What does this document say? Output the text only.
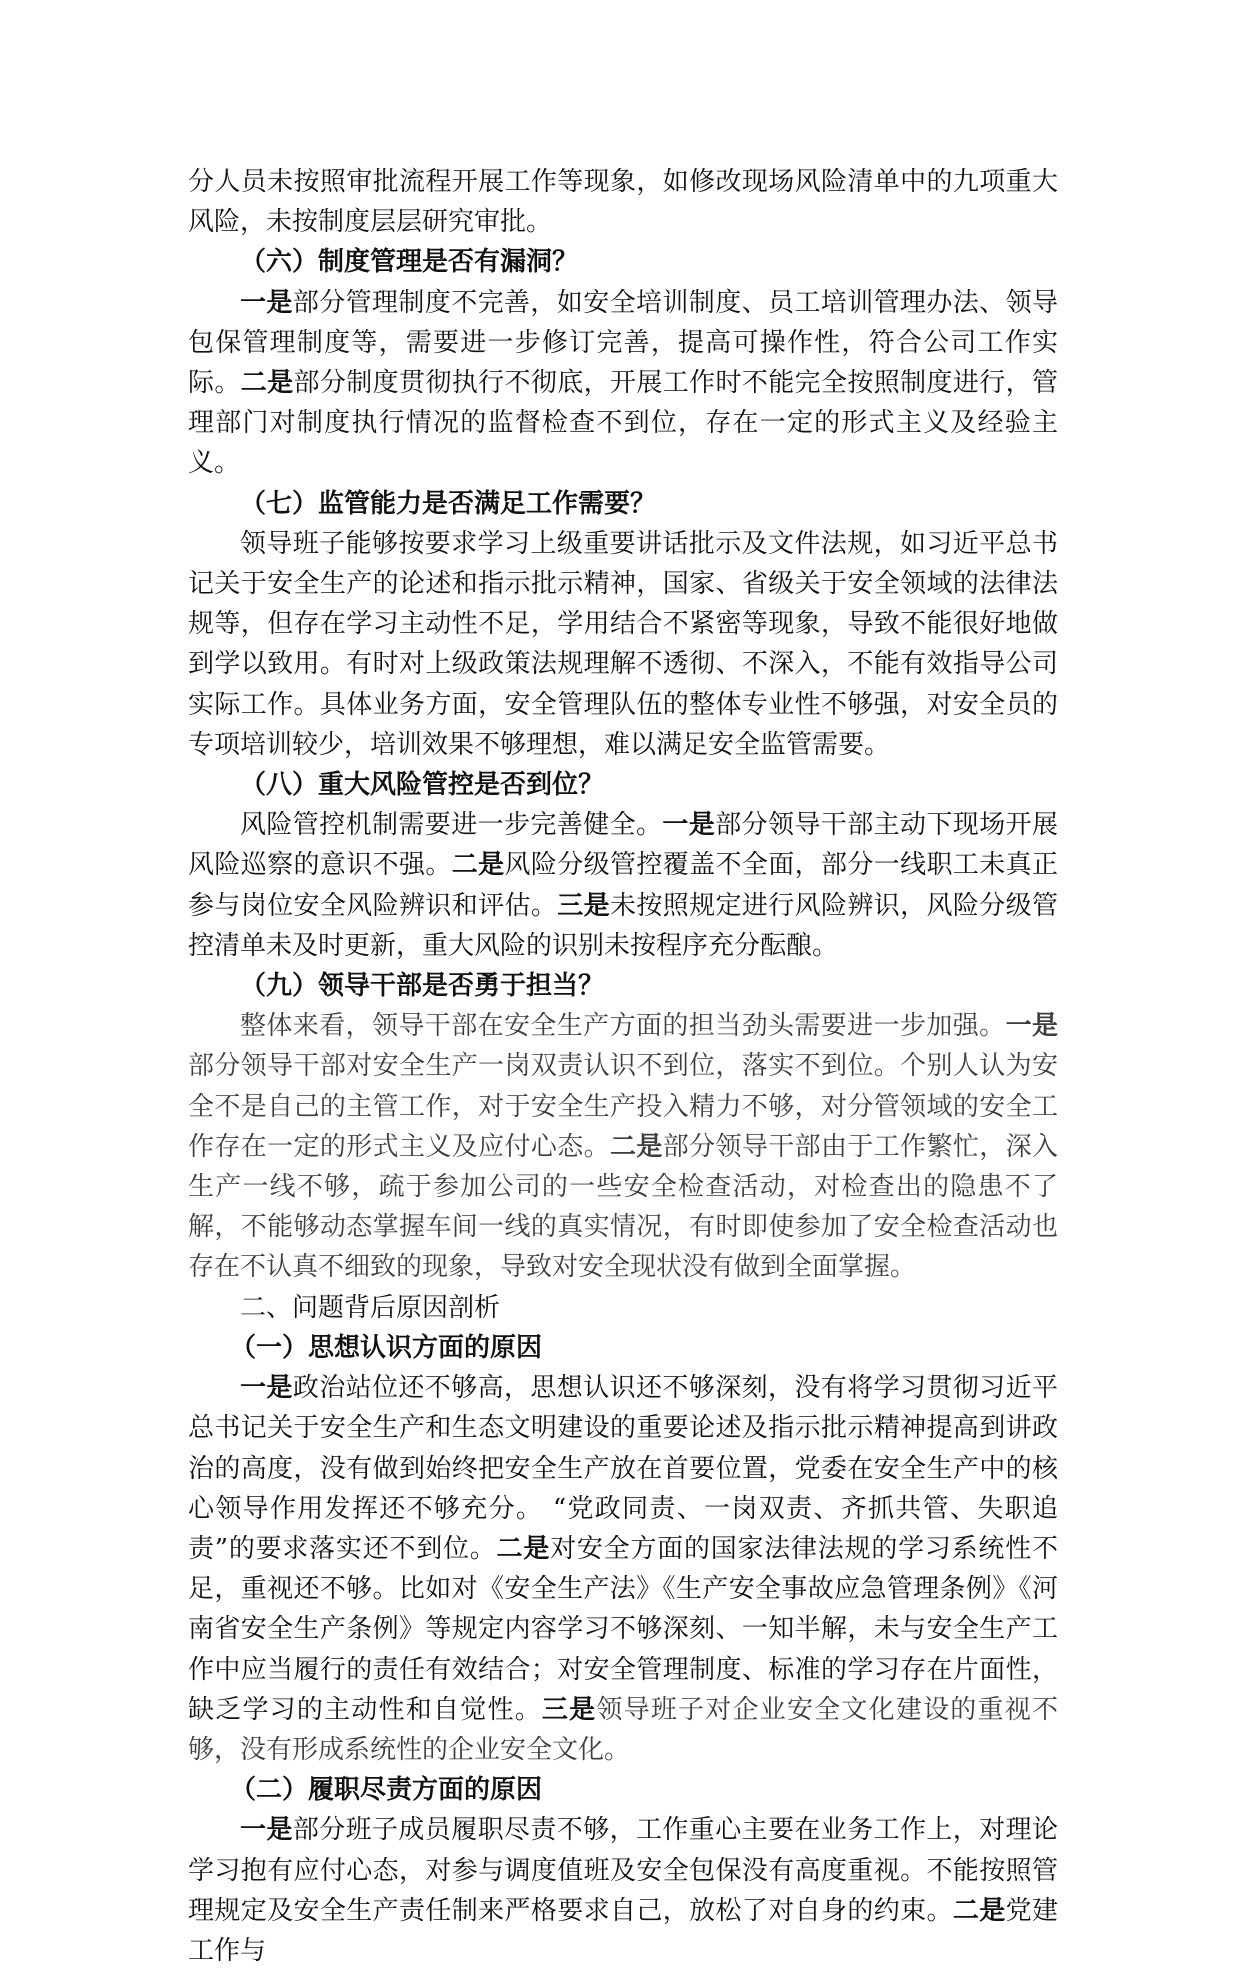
分人员未按照审批流程开展工作等现象，如修改现场风险清单中的九项重大风险，未按制度层层研究审批。

（六）制度管理是否有漏洞？

一是部分管理制度不完善，如安全培训制度、员工培训管理办法、领导包保管理制度等，需要进一步修订完善，提高可操作性，符合公司工作实际。二是部分制度贯彻执行不彻底，开展工作时不能完全按照制度进行，管理部门对制度执行情况的监督检查不到位，存在一定的形式主义及经验主义。

（七）监管能力是否满足工作需要？

领导班子能够按要求学习上级重要讲话批示及文件法规，如习近平总书记关于安全生产的论述和指示批示精神，国家、省级关于安全领域的法律法规等，但存在学习主动性不足，学用结合不紧密等现象，导致不能很好地做到学以致用。有时对上级政策法规理解不透彻、不深入，不能有效指导公司实际工作。具体业务方面，安全管理队伍的整体专业性不够强，对安全员的专项培训较少，培训效果不够理想，难以满足安全监管需要。

（八）重大风险管控是否到位？

风险管控机制需要进一步完善健全。一是部分领导干部主动下现场开展风险巡察的意识不强。二是风险分级管控覆盖不全面，部分一线职工未真正参与岗位安全风险辨识和评估。三是未按照规定进行风险辨识，风险分级管控清单未及时更新，重大风险的识别未按程序充分酝酿。

（九）领导干部是否勇于担当？

整体来看，领导干部在安全生产方面的担当劲头需要进一步加强。一是部分领导干部对安全生产一岗双责认识不到位，落实不到位。个别人认为安全不是自己的主管工作，对于安全生产投入精力不够，对分管领域的安全工作存在一定的形式主义及应付心态。二是部分领导干部由于工作繁忙，深入生产一线不够，疏于参加公司的一些安全检查活动，对检查出的隐患不了解，不能够动态掌握车间一线的真实情况，有时即使参加了安全检查活动也存在不认真不细致的现象，导致对安全现状没有做到全面掌握。

二、问题背后原因剖析

（一）思想认识方面的原因

一是政治站位还不够高，思想认识还不够深刻，没有将学习贯彻习近平总书记关于安全生产和生态文明建设的重要论述及指示批示精神提高到讲政治的高度，没有做到始终把安全生产放在首要位置，党委在安全生产中的核心领导作用发挥还不够充分。 “党政同责、一岗双责、齐抓共管、失职追责”的要求落实还不到位。二是对安全方面的国家法律法规的学习系统性不足，重视还不够。比如对《安全生产法》《生产安全事故应急管理条例》《河南省安全生产条例》等规定内容学习不够深刻、一知半解，未与安全生产工作中应当履行的责任有效结合；对安全管理制度、标准的学习存在片面性，缺乏学习的主动性和自觉性。三是领导班子对企业安全文化建设的重视不够，没有形成系统性的企业安全文化。

（二）履职尽责方面的原因

一是部分班子成员履职尽责不够，工作重心主要在业务工作上，对理论学习抱有应付心态，对参与调度值班及安全包保没有高度重视。不能按照管理规定及安全生产责任制来严格要求自己，放松了对自身的约束。二是党建工作与
